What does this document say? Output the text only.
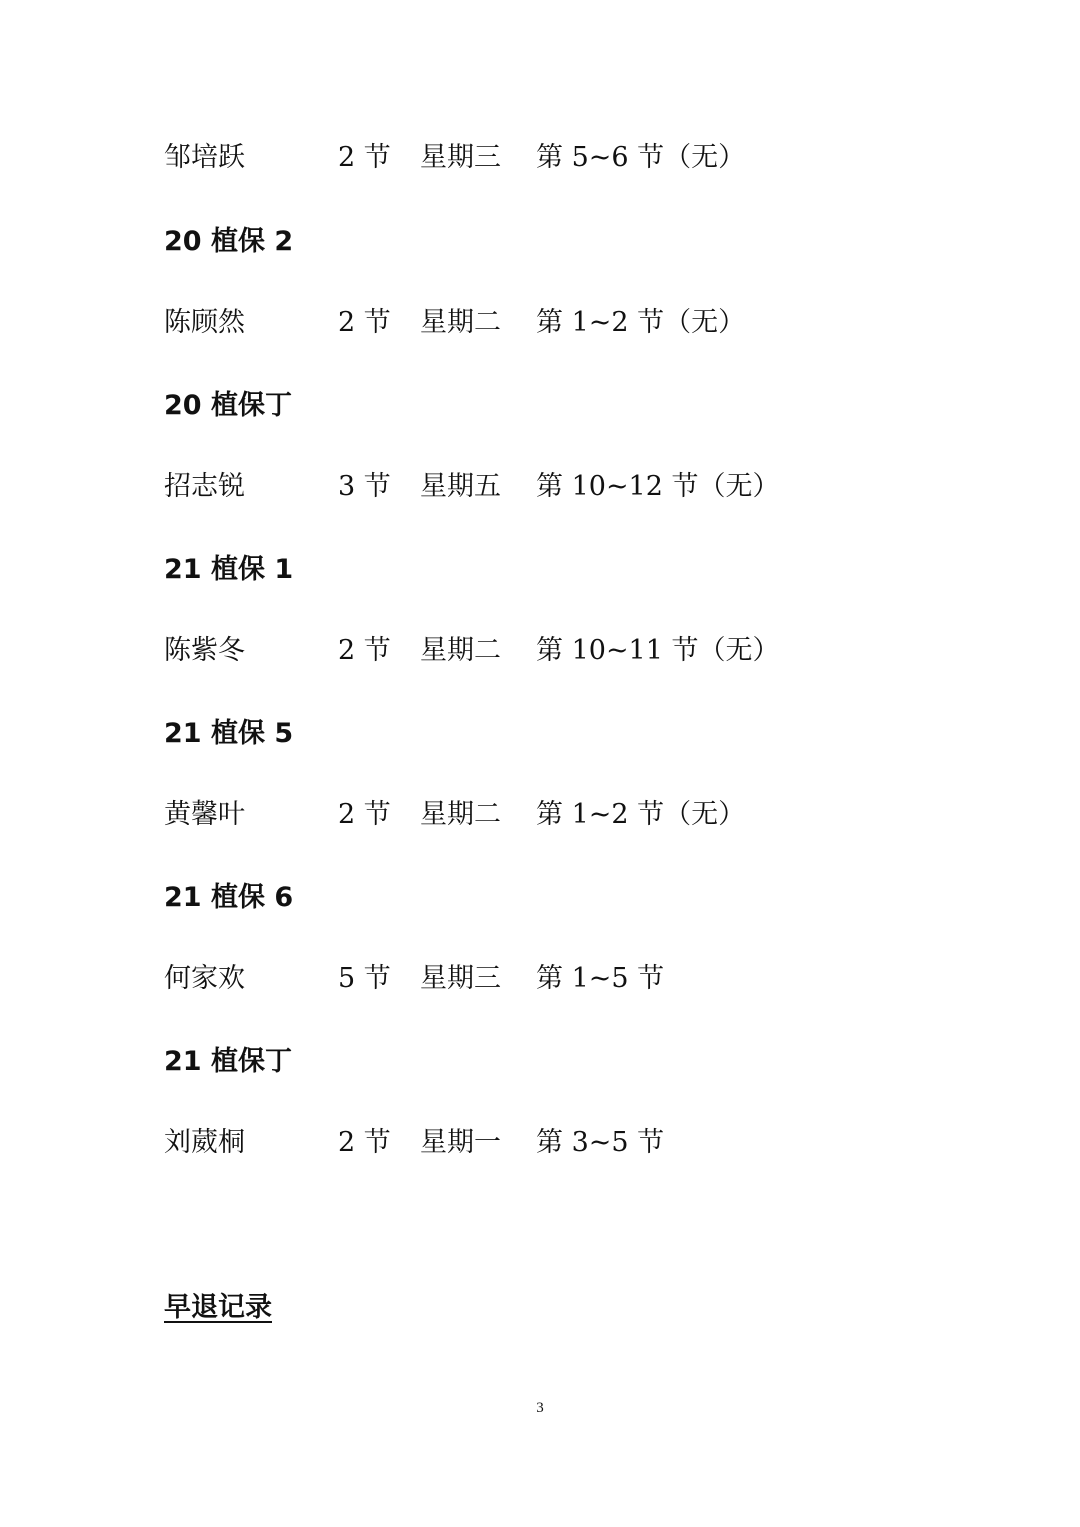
邹培跃	2 节	星期三	第 5~6 节（无）
20 植保 2
陈顾然	2 节	星期二	第 1~2 节（无）
20 植保丁
招志锐	3 节	星期五	第 10~12 节（无）
21 植保 1
陈紫冬	2 节	星期二	第 10~11 节（无）
21 植保 5
黄馨叶	2 节	星期二	第 1~2 节（无）
21 植保 6
何家欢	5 节	星期三	第 1~5 节
21 植保丁
刘葳桐	2 节	星期一	第 3~5 节
早退记录
3
